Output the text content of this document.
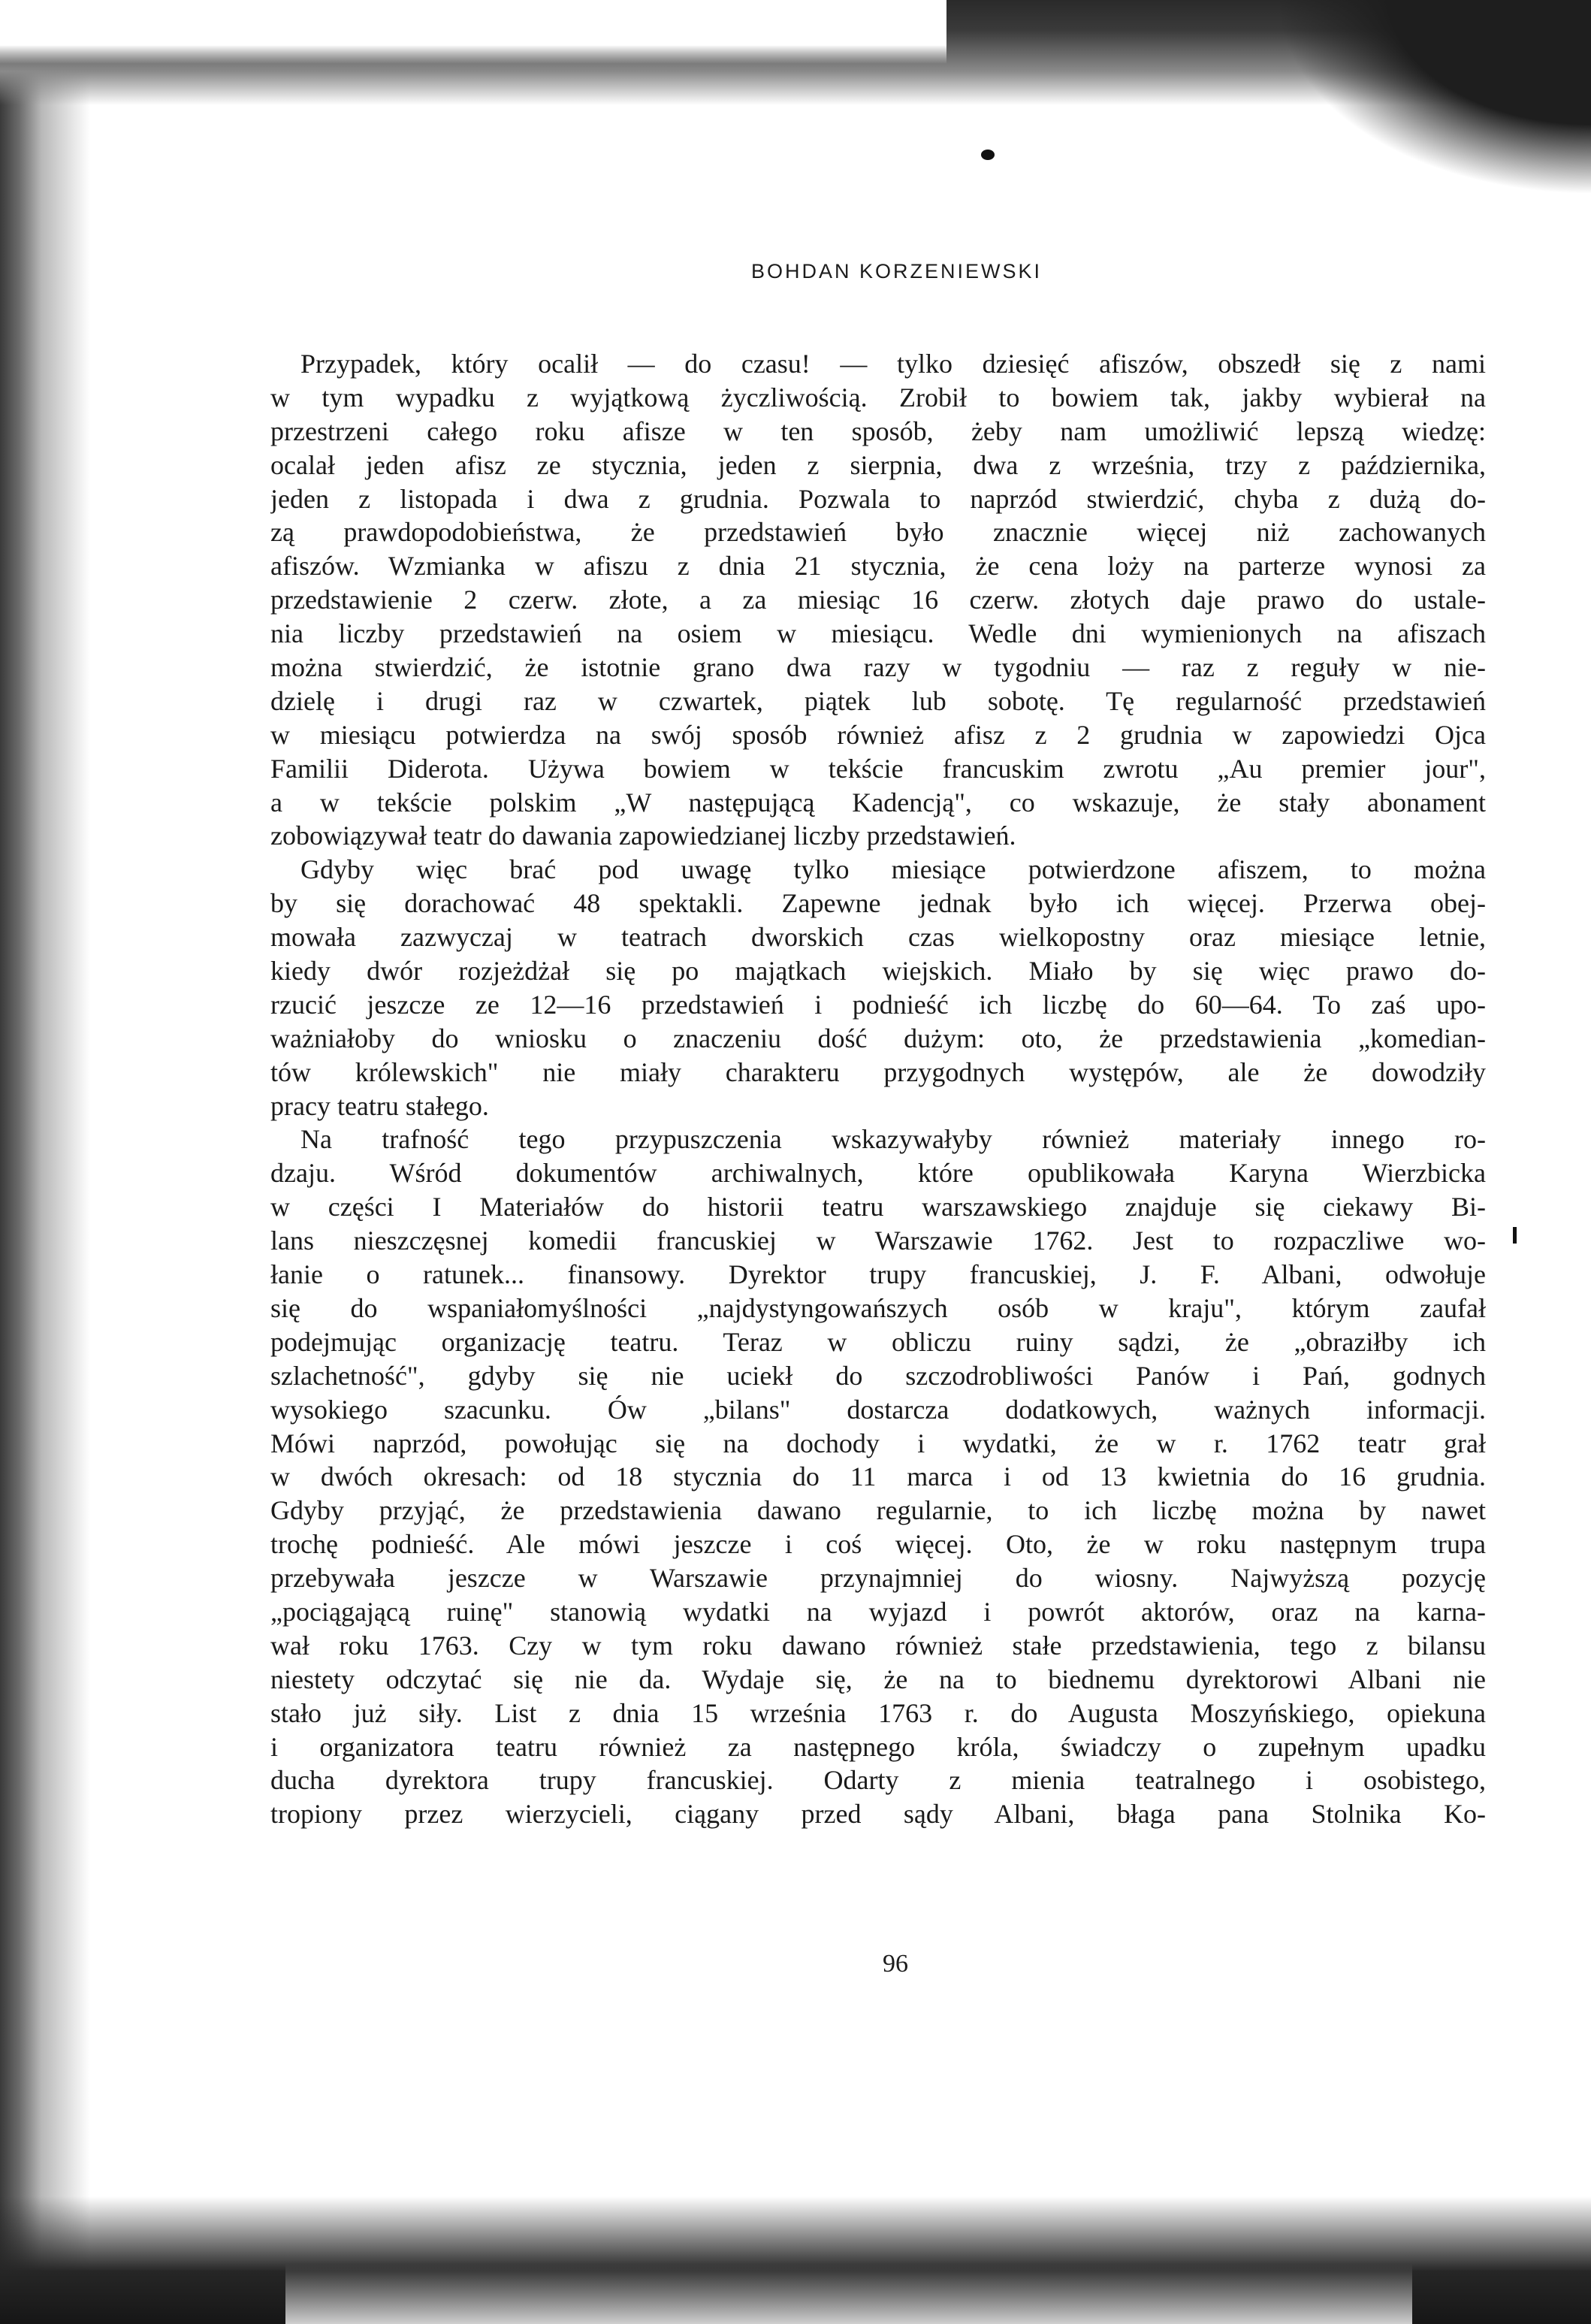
BOHDAN KORZENIEWSKI
Przypadek, który ocalił — do czasu! — tylko dziesięć afiszów, obszedł się z nami
w tym wypadku z wyjątkową życzliwością. Zrobił to bowiem tak, jakby wybierał na
przestrzeni całego roku afisze w ten sposób, żeby nam umożliwić lepszą wiedzę:
ocalał jeden afisz ze stycznia, jeden z sierpnia, dwa z września, trzy z października,
jeden z listopada i dwa z grudnia. Pozwala to naprzód stwierdzić, chyba z dużą do-
zą prawdopodobieństwa, że przedstawień było znacznie więcej niż zachowanych
afiszów. Wzmianka w afiszu z dnia 21 stycznia, że cena loży na parterze wynosi za
przedstawienie 2 czerw. złote, a za miesiąc 16 czerw. złotych daje prawo do ustale-
nia liczby przedstawień na osiem w miesiącu. Wedle dni wymienionych na afiszach
można stwierdzić, że istotnie grano dwa razy w tygodniu — raz z reguły w nie-
dzielę i drugi raz w czwartek, piątek lub sobotę. Tę regularność przedstawień
w miesiącu potwierdza na swój sposób również afisz z 2 grudnia w zapowiedzi Ojca
Familii Diderota. Używa bowiem w tekście francuskim zwrotu „Au premier jour",
a w tekście polskim „W następującą Kadencją", co wskazuje, że stały abonament
zobowiązywał teatr do dawania zapowiedzianej liczby przedstawień.
Gdyby więc brać pod uwagę tylko miesiące potwierdzone afiszem, to można
by się dorachować 48 spektakli. Zapewne jednak było ich więcej. Przerwa obej-
mowała zazwyczaj w teatrach dworskich czas wielkopostny oraz miesiące letnie,
kiedy dwór rozjeżdżał się po majątkach wiejskich. Miało by się więc prawo do-
rzucić jeszcze ze 12—16 przedstawień i podnieść ich liczbę do 60—64. To zaś upo-
ważniałoby do wniosku o znaczeniu dość dużym: oto, że przedstawienia „komedian-
tów królewskich" nie miały charakteru przygodnych występów, ale że dowodziły
pracy teatru stałego.
Na trafność tego przypuszczenia wskazywałyby również materiały innego ro-
dzaju. Wśród dokumentów archiwalnych, które opublikowała Karyna Wierzbicka
w części I Materiałów do historii teatru warszawskiego znajduje się ciekawy Bi-
lans nieszczęsnej komedii francuskiej w Warszawie 1762. Jest to rozpaczliwe wo-
łanie o ratunek... finansowy. Dyrektor trupy francuskiej, J. F. Albani, odwołuje
się do wspaniałomyślności „najdystyngowańszych osób w kraju", którym zaufał
podejmując organizację teatru. Teraz w obliczu ruiny sądzi, że „obraziłby ich
szlachetność", gdyby się nie uciekł do szczodrobliwości Panów i Pań, godnych
wysokiego szacunku. Ów „bilans" dostarcza dodatkowych, ważnych informacji.
Mówi naprzód, powołując się na dochody i wydatki, że w r. 1762 teatr grał
w dwóch okresach: od 18 stycznia do 11 marca i od 13 kwietnia do 16 grudnia.
Gdyby przyjąć, że przedstawienia dawano regularnie, to ich liczbę można by nawet
trochę podnieść. Ale mówi jeszcze i coś więcej. Oto, że w roku następnym trupa
przebywała jeszcze w Warszawie przynajmniej do wiosny. Najwyższą pozycję
„pociągającą ruinę" stanowią wydatki na wyjazd i powrót aktorów, oraz na karna-
wał roku 1763. Czy w tym roku dawano również stałe przedstawienia, tego z bilansu
niestety odczytać się nie da. Wydaje się, że na to biednemu dyrektorowi Albani nie
stało już siły. List z dnia 15 września 1763 r. do Augusta Moszyńskiego, opiekuna
i organizatora teatru również za następnego króla, świadczy o zupełnym upadku
ducha dyrektora trupy francuskiej. Odarty z mienia teatralnego i osobistego,
tropiony przez wierzycieli, ciągany przed sądy Albani, błaga pana Stolnika Ko-
96
